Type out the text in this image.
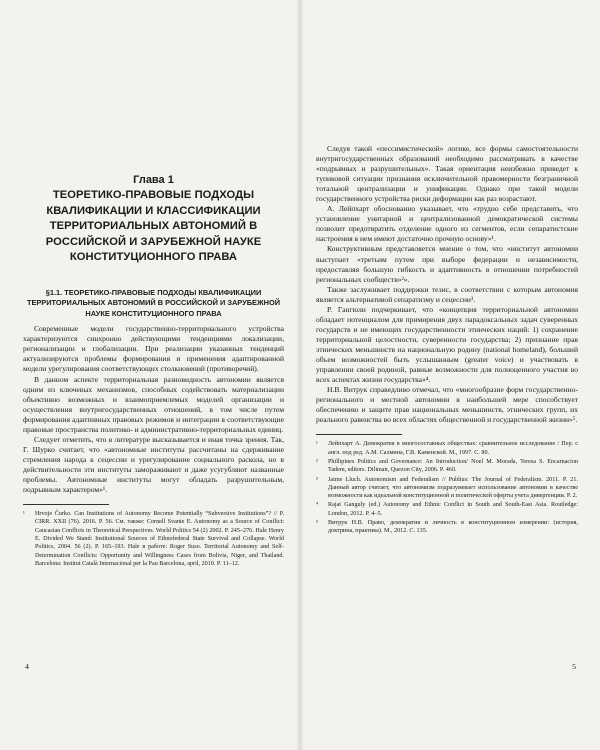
Глава 1
ТЕОРЕТИКО-ПРАВОВЫЕ ПОДХОДЫ КВАЛИФИКАЦИИ И КЛАССИФИКАЦИИ ТЕРРИТОРИАЛЬНЫХ АВТОНОМИЙ В РОССИЙСКОЙ И ЗАРУБЕЖНОЙ НАУКЕ КОНСТИТУЦИОННОГО ПРАВА
§1.1. ТЕОРЕТИКО-ПРАВОВЫЕ ПОДХОДЫ КВАЛИФИКАЦИИ ТЕРРИТОРИАЛЬНЫХ АВТОНОМИЙ В РОССИЙСКОЙ И ЗАРУБЕЖНОЙ НАУКЕ КОНСТИТУЦИОННОГО ПРАВА

Современные модели государственно-территориального устройства характеризуются синхронно действующими тенденциями локализации, регионализации и глобализации. При реализации указанных тенденций актуализируются проблемы формирования и применения адаптированной модели урегулирования соответствующих столкновений (противоречий).

В данном аспекте территориальная разновидность автономии является одним из ключевых механизмов, способных содействовать материализации объективно возможных и взаимоприемлемых моделей организации и осуществления внутригосударственных отношений, в том числе путем формирования адаптивных правовых режимов и интеграции в соответствующие правовые пространства политико- и административно-территориальных единиц.

Следует отметить, что в литературе высказывается и иная точка зрения. Так, Г. Шурко считает, что «автономные институты рассчитаны на сдерживание стремления народа к сецессии и урегулирование социального раскола, но в действительности эти институты замораживают и даже усугубляют названные проблемы. Автономные институты могут обладать разрушительным, подрывным характером»¹.

¹	Hrvoje Čurko. Can Institutions of Autonomy Become Potentially “Subversive Institutions”? // P. CIRR. XXII (76). 2016. P. 56. См. также: Cornell Svante E. Autonomy as a Source of Conflict: Caucasian Conflicts in Theoretical Perspectives. World Politics 54 (2) 2002. P. 245–276. Hale Henry E. Divided We Stand: Institutional Sources of Ethnofederal State Survival and Collapse. World Politics, 2004. 56 (2). P. 165–193. Hale в работе: Roger Suso. Territorial Autonomy and Self-Determination Conflicts: Opportunity and Willingness Cases from Bolivia, Niger, and Thailand. Barcelona: Institut Català Internacional per la Pau Barcelona, april, 2010. P. 11–12.
4

Следуя такой «пессимистической» логике, все формы самостоятельности внутригосударственных образований необходимо рассматривать в качестве «подрывных и разрушительных». Такая ориентация неизбежно приведет к тупиковой ситуации признания исключительной правомерности безграничной тотальной централизации и унификации. Однако при такой модели государственного устройства риски деформации как раз возрастают.

А. Лейпхарт обоснованно указывает, что «трудно себе представить, что установление унитарной и централизованной демократической системы позволит предотвратить отделение одного из сегментов, если сепаратистские настроения в нем имеют достаточно прочную основу»¹.

Конструктивным представляется мнение о том, что «институт автономии выступает «третьим путем при выборе федерации и независимости, предоставляя большую гибкость и адаптивность в отношении потребностей региональных сообществ»²».

Также заслуживает поддержки тезис, в соответствии с которым автономия является альтернативой сепаратизму и сецессии³.

Р. Гангюли подчеркивает, что «концепция территориальной автономии обладает потенциалом для примирения двух парадоксальных задач суверенных государств и не имеющих государственности этнических наций: 1) сохранение территориальной целостности, суверенности государства; 2) признание прав этнических меньшинств на национальную родину (national homeland), больший объем возможностей быть услышанным (greater voice) и участвовать в управлении своей родиной, равные возможности для полноценного участия во всех аспектах жизни государства»⁴.

Н.В. Витрук справедливо отмечал, что «многообразие форм государственно-регионального и местной автономии в наибольшей мере способствует обеспечению и защите прав национальных меньшинств, этнических групп, их реального равенства во всех областях общественной и государственной жизни»⁵.

¹	Лейпхарт А. Демократия в многосоставных обществах: сравнительное исследование / Пер. с англ. под ред. А.М. Салмина, Г.В. Каменской. М., 1997. С. 80.
²	Phillipines Politics and Governance: An Introduction/ Noel M. Morada, Teresa S. Encarnacion Tadem, editors. Diliman, Quezon City, 2006. P. 460.
³	Jaime Lluch. Autonomism and Federalism // Publius: The Journal of Federalism. 2011. P. 21. Данный автор считает, что автономизм подразумевает использование автономии в качестве возможности как идеальной конституционной и политической оферты учета дивергенции. P. 2.
⁴	Rajat Ganguly (ed.) Autonomy and Ethnic Conflict in South and South-East Asia. Routledge: London, 2012. P. 4–5.
⁵	Витрук Н.В. Право, демократия и личность в конституционном измерении: (история, доктрина, практика). М., 2012. С. 135.
5
